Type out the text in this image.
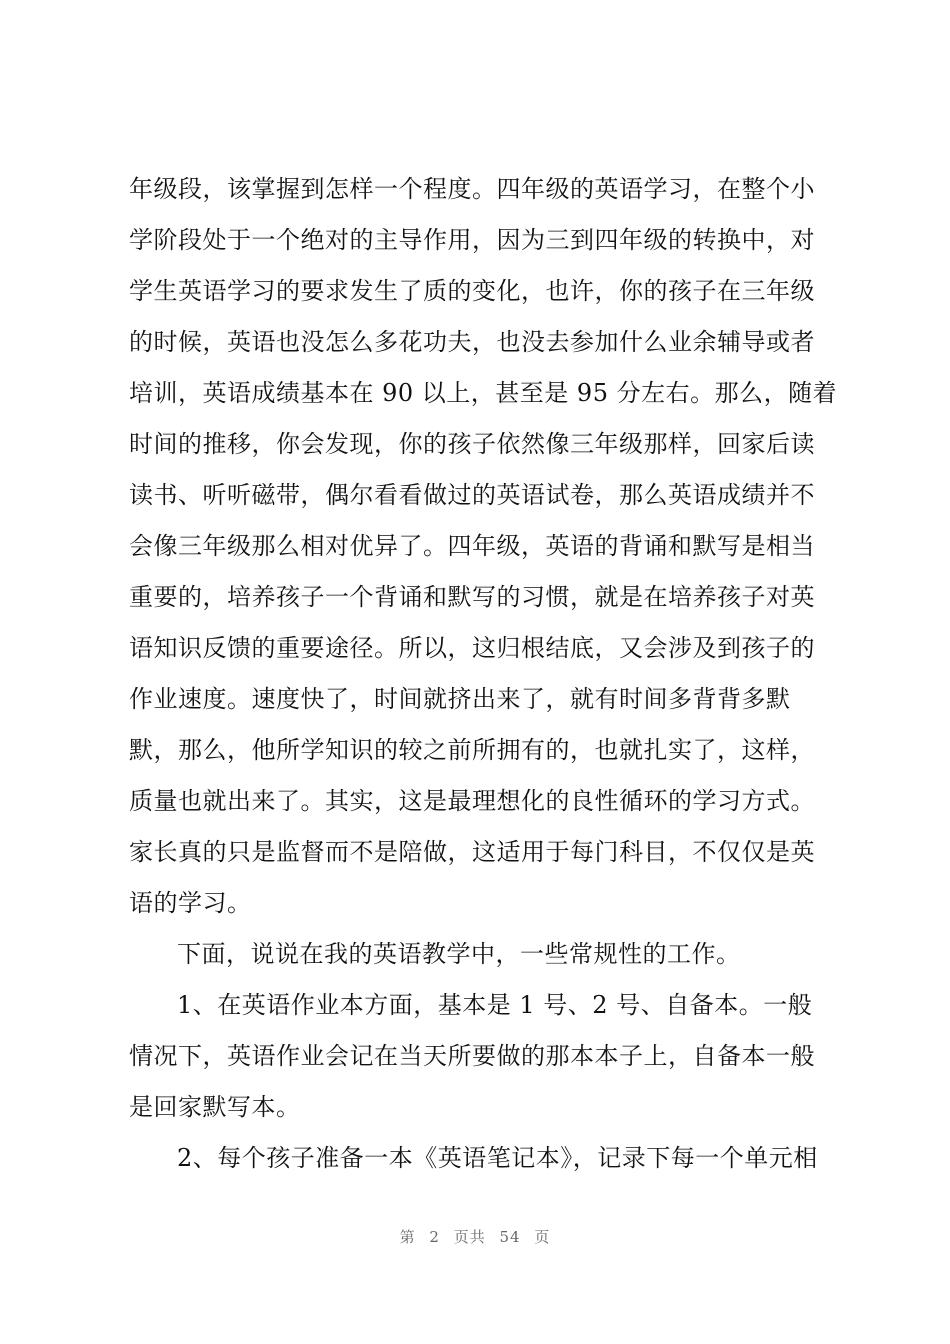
年级段，该掌握到怎样一个程度。四年级的英语学习，在整个小
学阶段处于一个绝对的主导作用，因为三到四年级的转换中，对
学生英语学习的要求发生了质的变化，也许，你的孩子在三年级
的时候，英语也没怎么多花功夫，也没去参加什么业余辅导或者
培训，英语成绩基本在 90 以上，甚至是 95 分左右。那么，随着
时间的推移，你会发现，你的孩子依然像三年级那样，回家后读
读书、听听磁带，偶尔看看做过的英语试卷，那么英语成绩并不
会像三年级那么相对优异了。四年级，英语的背诵和默写是相当
重要的，培养孩子一个背诵和默写的习惯，就是在培养孩子对英
语知识反馈的重要途径。所以，这归根结底，又会涉及到孩子的
作业速度。速度快了，时间就挤出来了，就有时间多背背多默
默，那么，他所学知识的较之前所拥有的，也就扎实了，这样，
质量也就出来了。其实，这是最理想化的良性循环的学习方式。
家长真的只是监督而不是陪做，这适用于每门科目，不仅仅是英
语的学习。
下面，说说在我的英语教学中，一些常规性的工作。
1、在英语作业本方面，基本是 1 号、2 号、自备本。一般
情况下，英语作业会记在当天所要做的那本本子上，自备本一般
是回家默写本。
2、每个孩子准备一本《英语笔记本》，记录下每一个单元相
第 2 页共 54 页
